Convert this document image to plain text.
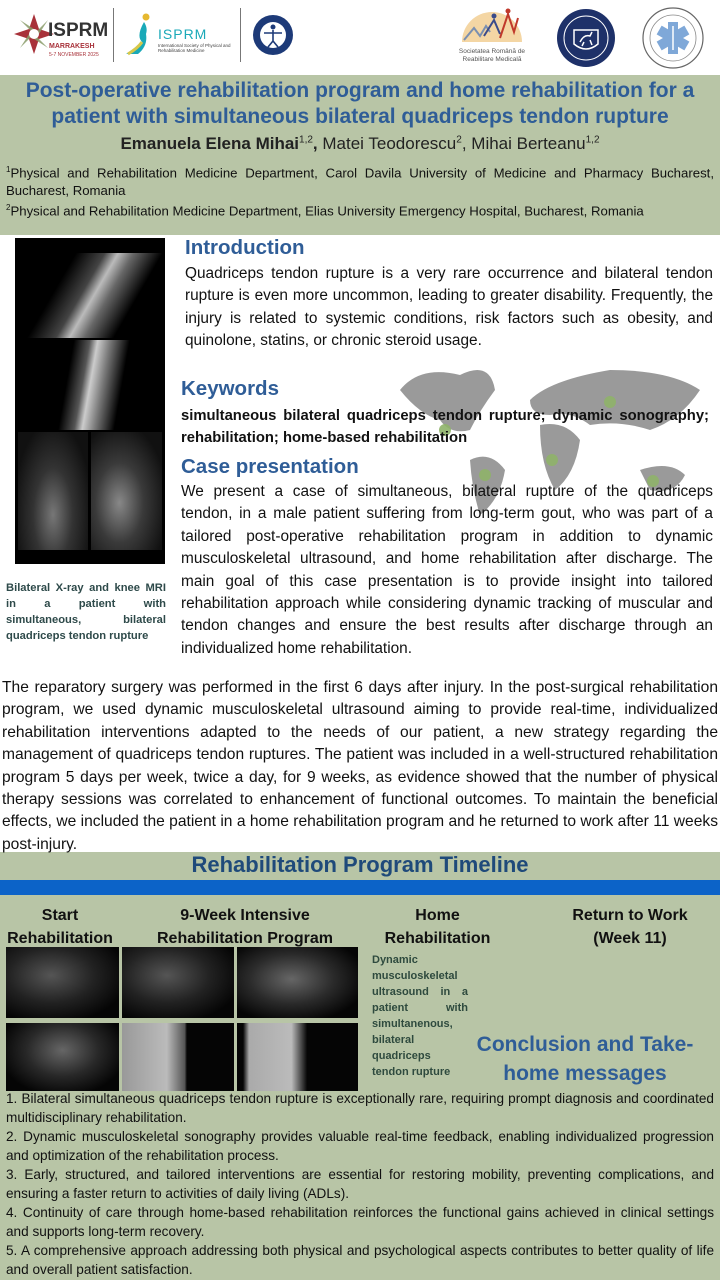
ISPRM
MARRAKESH
5-7 NOVEMBER 2025
ISPRM
International Society of Physical and Rehabilitation Medicine	Societatea Română de Reabilitare Medicală
Post-operative rehabilitation program and home rehabilitation for a patient with simultaneous bilateral quadriceps tendon rupture
Emanuela Elena Mihai$^{1,2}$, Matei Teodorescu$^2$, Mihai Berteanu$^{1,2}$
$^1$Physical and Rehabilitation Medicine Department, Carol Davila University of Medicine and Pharmacy Bucharest, Bucharest, Romania
$^2$Physical and Rehabilitation Medicine Department, Elias University Emergency Hospital, Bucharest, Romania
Bilateral X-ray and knee MRI in a patient with simultaneous, bilateral quadriceps tendon rupture
Introduction
Quadriceps tendon rupture is a very rare occurrence and bilateral tendon rupture is even more uncommon, leading to greater disability. Frequently, the injury is related to systemic conditions, risk factors such as obesity, and quinolone, statins, or chronic steroid usage.
Keywords
simultaneous bilateral quadriceps tendon rupture; dynamic sonography; rehabilitation; home-based rehabilitation
Case presentation
We present a case of simultaneous, bilateral rupture of the quadriceps tendon, in a male patient suffering from long-term gout, who was part of a tailored post-operative rehabilitation program in addition to dynamic musculoskeletal ultrasound, and home rehabilitation after discharge. The main goal of this case presentation is to provide insight into tailored rehabilitation approach while considering dynamic tracking of muscular and tendon changes and ensure the best results after discharge through an individualized home rehabilitation.
The reparatory surgery was performed in the first 6 days after injury. In the post-surgical rehabilitation program, we used dynamic musculoskeletal ultrasound aiming to provide real-time, individualized rehabilitation interventions adapted to the needs of our patient, a new strategy regarding the management of quadriceps tendon ruptures. The patient was included in a well-structured rehabilitation program 5 days per week, twice a day, for 9 weeks, as evidence showed that the number of physical therapy sessions was correlated to enhancement of functional outcomes. To maintain the beneficial effects, we included the patient in a home rehabilitation program and he returned to work after 11 weeks post-injury.
Rehabilitation Program Timeline
Start
Rehabilitation
9-Week Intensive
Rehabilitation Program
Home
Rehabilitation
Return to Work
(Week 11)
Dynamic musculoskeletal ultrasound in a patient with simultanenous, bilateral quadriceps tendon rupture
Conclusion and Take-home messages
1. Bilateral simultaneous quadriceps tendon rupture is exceptionally rare, requiring prompt diagnosis and coordinated multidisciplinary rehabilitation.
2. Dynamic musculoskeletal sonography provides valuable real-time feedback, enabling individualized progression and optimization of the rehabilitation process.
3. Early, structured, and tailored interventions are essential for restoring mobility, preventing complications, and ensuring a faster return to activities of daily living (ADLs).
4. Continuity of care through home-based rehabilitation reinforces the functional gains achieved in clinical settings and supports long-term recovery.
5. A comprehensive approach addressing both physical and psychological aspects contributes to better quality of life and overall patient satisfaction.
